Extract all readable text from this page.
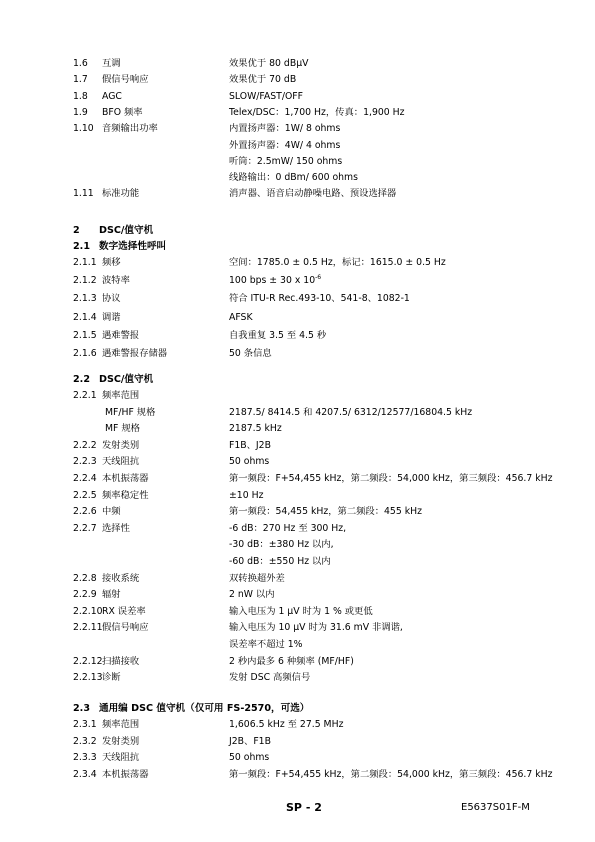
1.6 互调	效果优于 80 dBμV
1.7 假信号响应	效果优于 70 dB
1.8 AGC	SLOW/FAST/OFF
1.9 BFO 频率	Telex/DSC：1,700 Hz，传真：1,900 Hz
1.10 音频输出功率	内置扬声器：1W/ 8 ohms
外置扬声器：4W/ 4 ohms
听筒：2.5mW/ 150 ohms
线路输出：0 dBm/ 600 ohms
1.11 标准功能	消声器、语音启动静噪电路、预设选择器
2 DSC/值守机
2.1 数字选择性呼叫
2.1.1 频移	空间：1785.0 ± 0.5 Hz，标记：1615.0 ± 0.5 Hz
2.1.2 波特率	100 bps ± 30 x $10^{-6}$
2.1.3 协议	符合 ITU-R Rec.493-10、541-8、1082-1
2.1.4 调谐	AFSK
2.1.5 遇难警报	自我重复 3.5 至 4.5 秒
2.1.6 遇难警报存储器	50 条信息
2.2 DSC/值守机
2.2.1 频率范围
MF/HF 规格	2187.5/ 8414.5 和 4207.5/ 6312/12577/16804.5 kHz
MF 规格	2187.5 kHz
2.2.2 发射类别	F1B、J2B
2.2.3 天线阻抗	50 ohms
2.2.4 本机振荡器	第一频段：F+54,455 kHz，第二频段：54,000 kHz，第三频段：456.7 kHz
2.2.5 频率稳定性	±10 Hz
2.2.6 中频	第一频段：54,455 kHz，第二频段：455 kHz
2.2.7 选择性	-6 dB：270 Hz 至 300 Hz,
-30 dB：±380 Hz 以内,
-60 dB：±550 Hz 以内
2.2.8 接收系统	双转换超外差
2.2.9 辐射	2 nW 以内
2.2.10 RX 误差率	输入电压为 1 μV 时为 1 % 或更低
2.2.11 假信号响应	输入电压为 10 μV 时为 31.6 mV 非调谐,
误差率不超过 1%
2.2.12 扫描接收	2 秒内最多 6 种频率 (MF/HF)
2.2.13 诊断	发射 DSC 高频信号
2.3 通用编 DSC 值守机（仅可用 FS-2570，可选）
2.3.1 频率范围	1,606.5 kHz 至 27.5 MHz
2.3.2 发射类别	J2B、F1B
2.3.3 天线阻抗	50 ohms
2.3.4 本机振荡器	第一频段：F+54,455 kHz，第二频段：54,000 kHz，第三频段：456.7 kHz
SP - 2	E5637S01F-M
